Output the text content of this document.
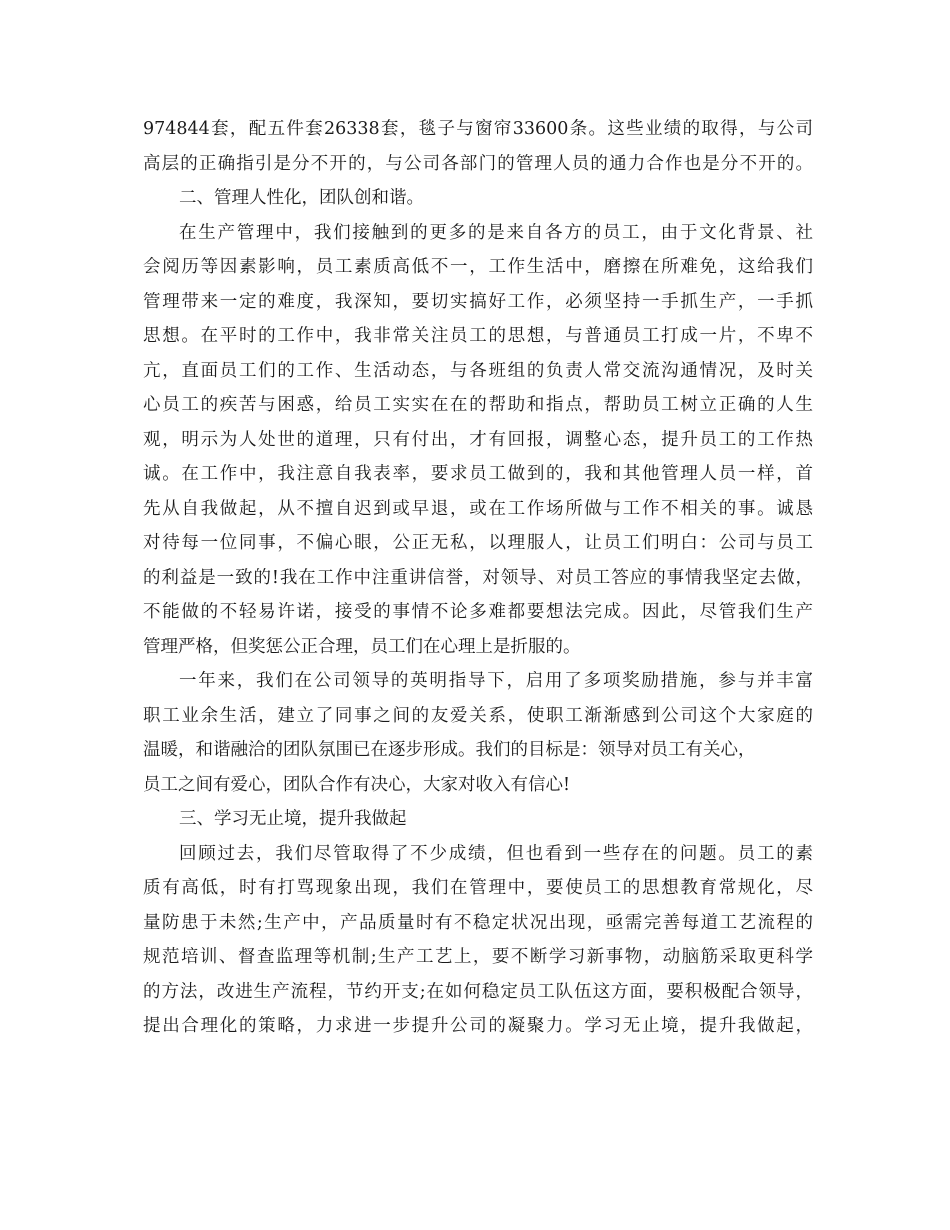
974844套，配五件套26338套，毯子与窗帘33600条。这些业绩的取得，与公司
高层的正确指引是分不开的，与公司各部门的管理人员的通力合作也是分不开的。
二、管理人性化，团队创和谐。
在生产管理中，我们接触到的更多的是来自各方的员工，由于文化背景、社
会阅历等因素影响，员工素质高低不一，工作生活中，磨擦在所难免，这给我们
管理带来一定的难度，我深知，要切实搞好工作，必须坚持一手抓生产，一手抓
思想。在平时的工作中，我非常关注员工的思想，与普通员工打成一片，不卑不
亢，直面员工们的工作、生活动态，与各班组的负责人常交流沟通情况，及时关
心员工的疾苦与困惑，给员工实实在在的帮助和指点，帮助员工树立正确的人生
观，明示为人处世的道理，只有付出，才有回报，调整心态，提升员工的工作热
诚。在工作中，我注意自我表率，要求员工做到的，我和其他管理人员一样，首
先从自我做起，从不擅自迟到或早退，或在工作场所做与工作不相关的事。诚恳
对待每一位同事，不偏心眼，公正无私，以理服人，让员工们明白：公司与员工
的利益是一致的!我在工作中注重讲信誉，对领导、对员工答应的事情我坚定去做，
不能做的不轻易许诺，接受的事情不论多难都要想法完成。因此，尽管我们生产
管理严格，但奖惩公正合理，员工们在心理上是折服的。
一年来，我们在公司领导的英明指导下，启用了多项奖励措施，参与并丰富
职工业余生活，建立了同事之间的友爱关系，使职工渐渐感到公司这个大家庭的
温暖，和谐融洽的团队氛围已在逐步形成。我们的目标是：领导对员工有关心，
员工之间有爱心，团队合作有决心，大家对收入有信心!
三、学习无止境，提升我做起
回顾过去，我们尽管取得了不少成绩，但也看到一些存在的问题。员工的素
质有高低，时有打骂现象出现，我们在管理中，要使员工的思想教育常规化，尽
量防患于未然;生产中，产品质量时有不稳定状况出现，亟需完善每道工艺流程的
规范培训、督查监理等机制;生产工艺上，要不断学习新事物，动脑筋采取更科学
的方法，改进生产流程，节约开支;在如何稳定员工队伍这方面，要积极配合领导，
提出合理化的策略，力求进一步提升公司的凝聚力。学习无止境，提升我做起，
